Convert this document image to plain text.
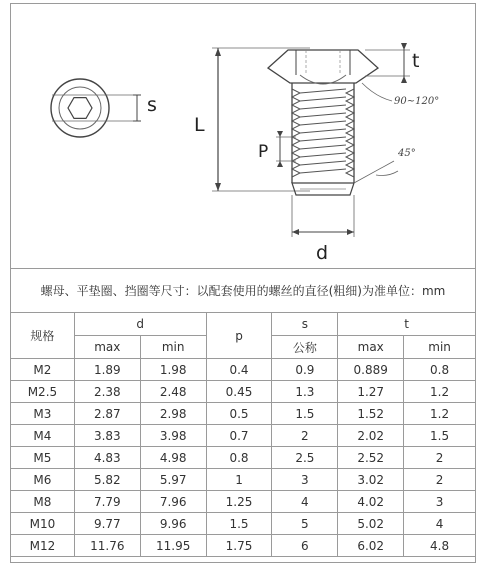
s
L
t
90~120°
P	45°
d
螺母、平垫圈、挡圈等尺寸：以配套使用的螺丝的直径(粗细)为准单位：mm
规格	d		p	s	t	
	max	min		公称	max	min
M2	1.89	1.98	0.4	0.9	0.889	0.8
M2.5	2.38	2.48	0.45	1.3	1.27	1.2
M3	2.87	2.98	0.5	1.5	1.52	1.2
M4	3.83	3.98	0.7	2	2.02	1.5
M5	4.83	4.98	0.8	2.5	2.52	2
M6	5.82	5.97	1	3	3.02	2
M8	7.79	7.96	1.25	4	4.02	3
M10	9.77	9.96	1.5	5	5.02	4
M12	11.76	11.95	1.75	6	6.02	4.8
